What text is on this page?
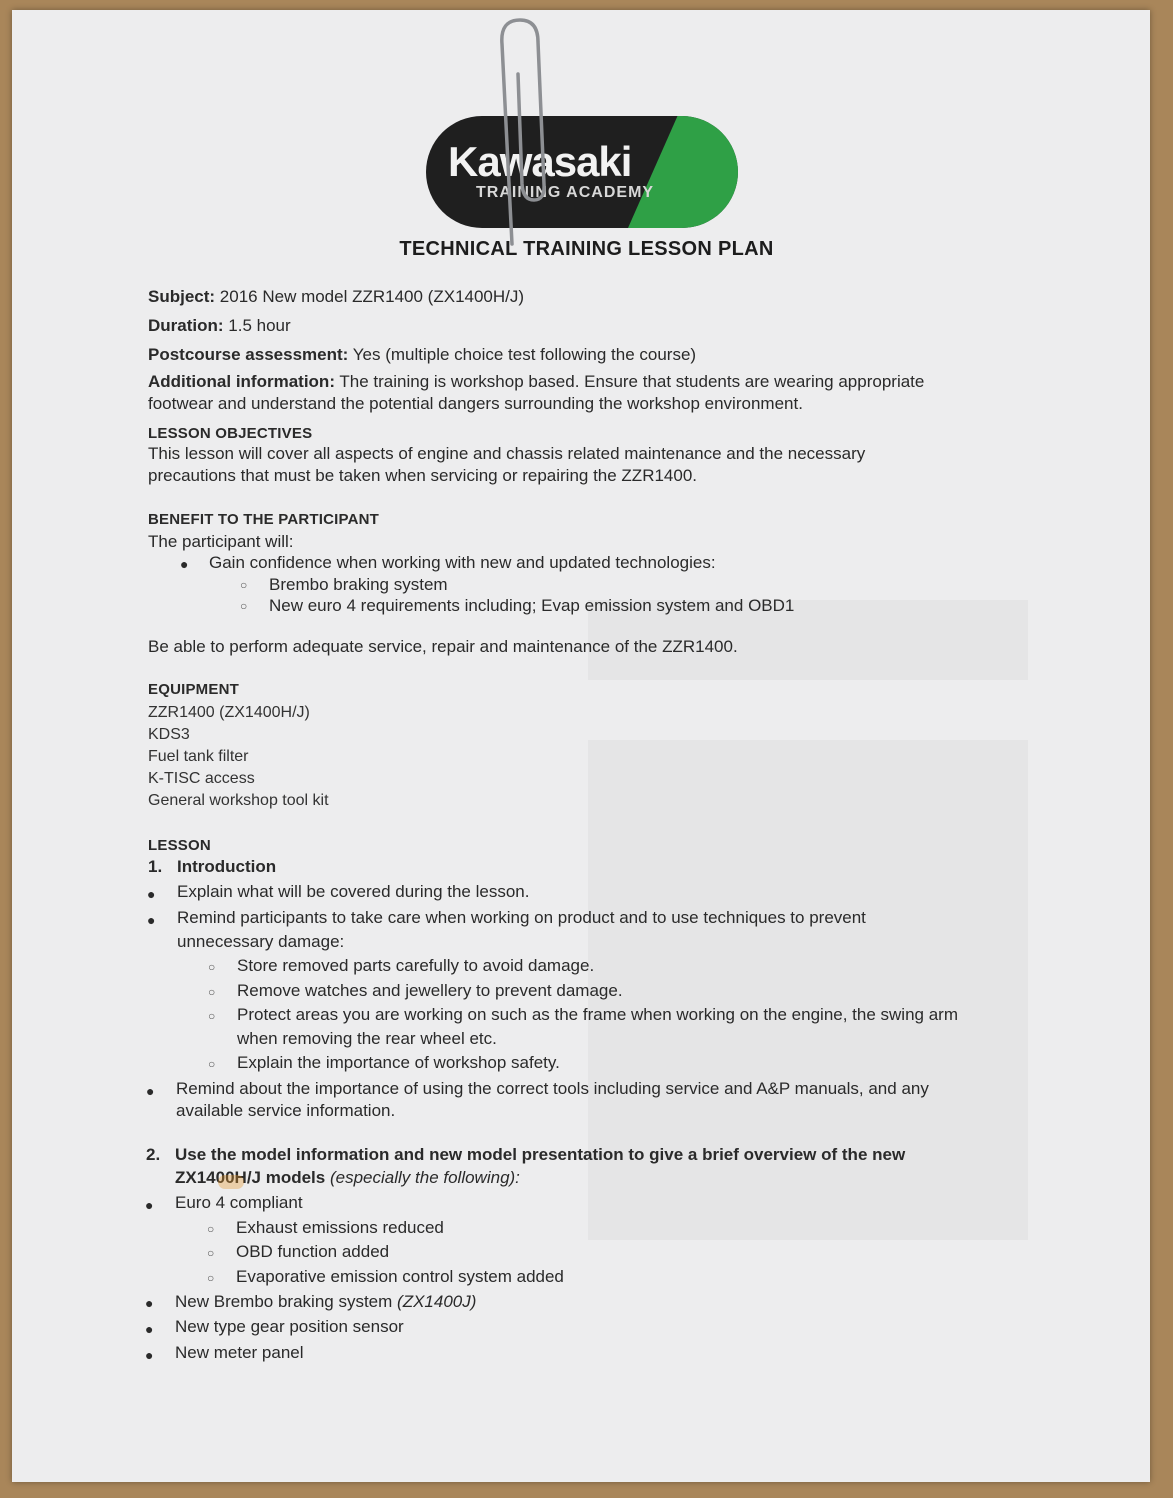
Kawasaki
TRAINING ACADEMY
TECHNICAL TRAINING LESSON PLAN
Subject: 2016 New model ZZR1400 (ZX1400H/J)
Duration: 1.5 hour
Postcourse assessment: Yes (multiple choice test following the course)
Additional information: The training is workshop based. Ensure that students are wearing appropriate
footwear and understand the potential dangers surrounding the workshop environment.
LESSON OBJECTIVES
This lesson will cover all aspects of engine and chassis related maintenance and the necessary
precautions that must be taken when servicing or repairing the ZZR1400.
BENEFIT TO THE PARTICIPANT
The participant will:
● Gain confidence when working with new and updated technologies:
○ Brembo braking system
○ New euro 4 requirements including; Evap emission system and OBD1
Be able to perform adequate service, repair and maintenance of the ZZR1400.
EQUIPMENT
ZZR1400 (ZX1400H/J)
KDS3
Fuel tank filter
K-TISC access
General workshop tool kit
LESSON
1. Introduction
● Explain what will be covered during the lesson.
● Remind participants to take care when working on product and to use techniques to prevent
unnecessary damage:
○ Store removed parts carefully to avoid damage.
○ Remove watches and jewellery to prevent damage.
○ Protect areas you are working on such as the frame when working on the engine, the swing arm
when removing the rear wheel etc.
○ Explain the importance of workshop safety.
● Remind about the importance of using the correct tools including service and A&P manuals, and any
available service information.
2. Use the model information and new model presentation to give a brief overview of the new
ZX1400H/J models (especially the following):
● Euro 4 compliant
○ Exhaust emissions reduced
○ OBD function added
○ Evaporative emission control system added
● New Brembo braking system (ZX1400J)
● New type gear position sensor
● New meter panel
